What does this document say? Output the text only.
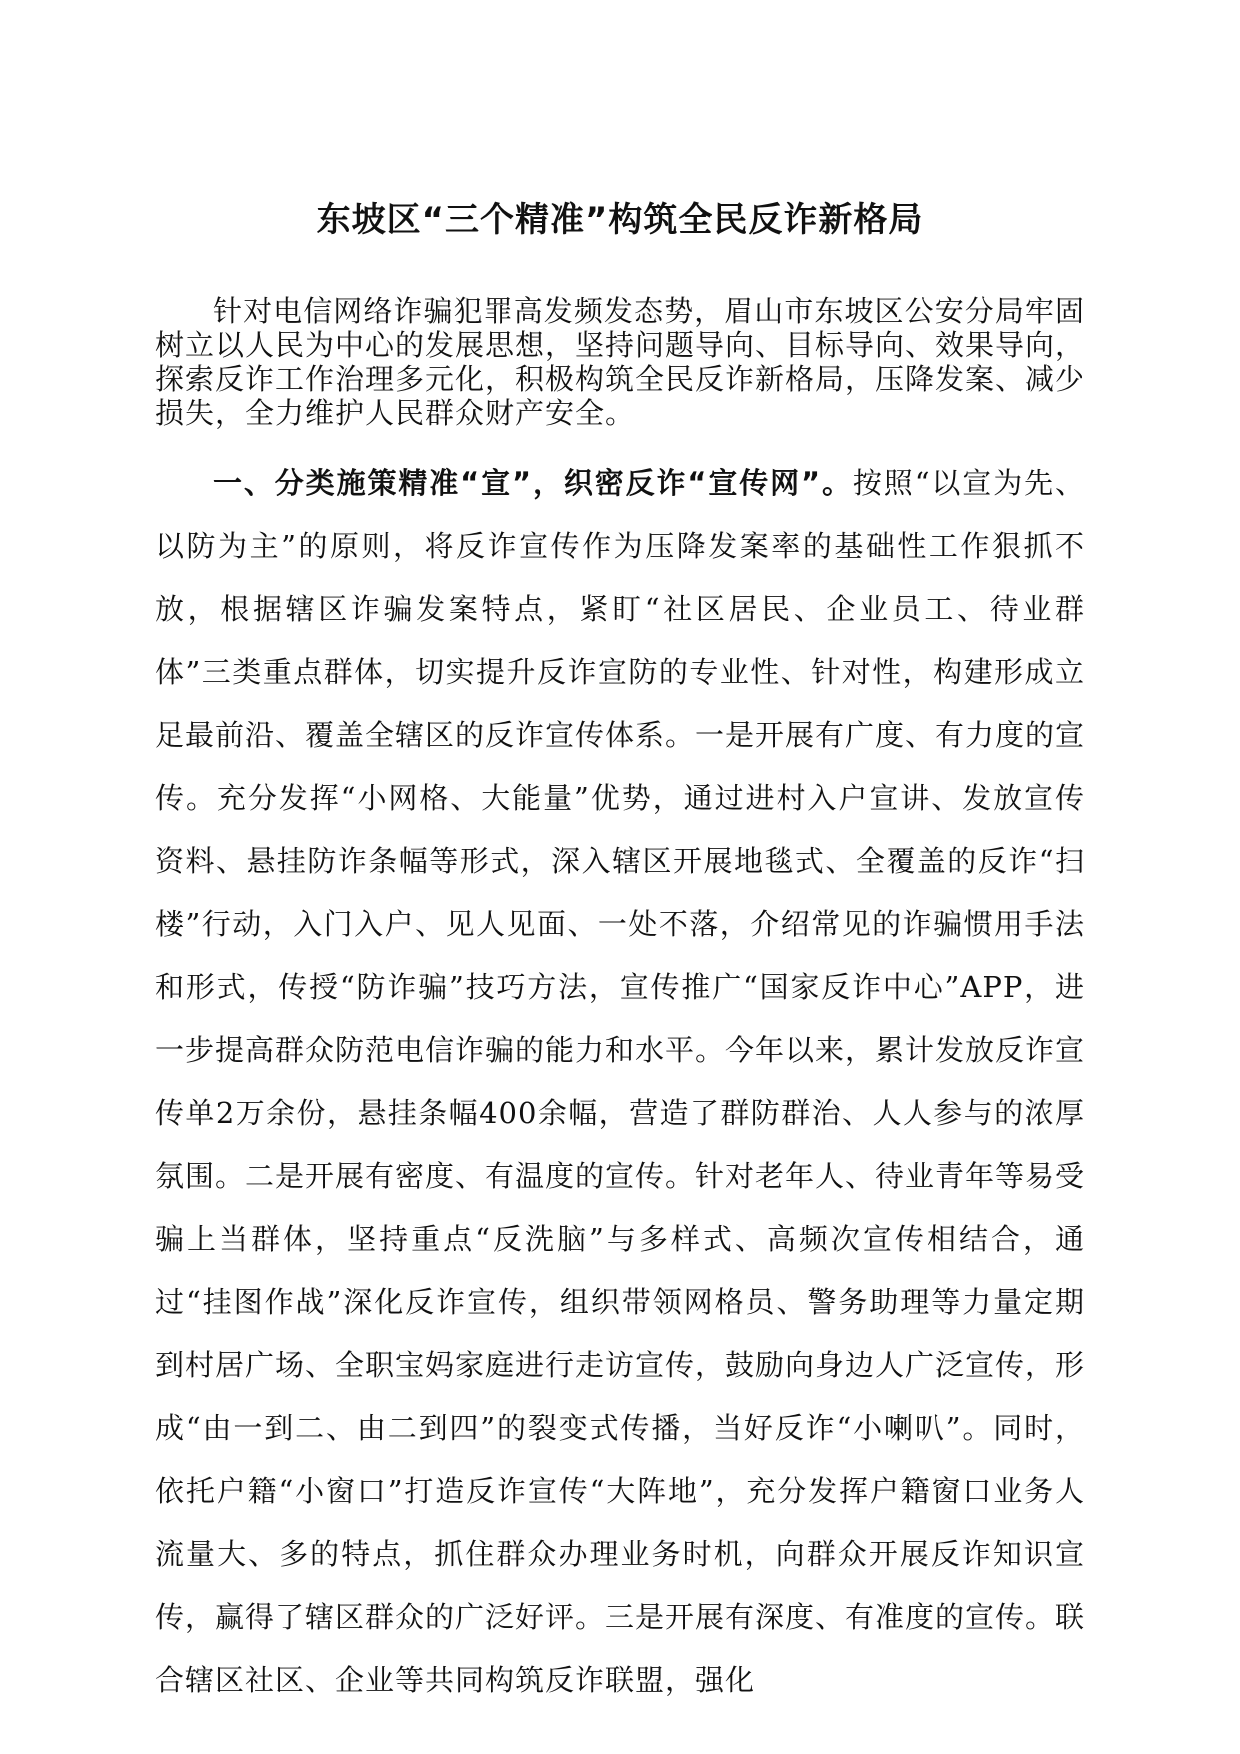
东坡区“三个精准”构筑全民反诈新格局

针对电信网络诈骗犯罪高发频发态势，眉山市东坡区公安分局牢固树立以人民为中心的发展思想，坚持问题导向、目标导向、效果导向，探索反诈工作治理多元化，积极构筑全民反诈新格局，压降发案、减少损失，全力维护人民群众财产安全。

一、分类施策精准“宣”，织密反诈“宣传网”。按照“以宣为先、以防为主”的原则，将反诈宣传作为压降发案率的基础性工作狠抓不放，根据辖区诈骗发案特点，紧盯“社区居民、企业员工、待业群体”三类重点群体，切实提升反诈宣防的专业性、针对性，构建形成立足最前沿、覆盖全辖区的反诈宣传体系。一是开展有广度、有力度的宣传。充分发挥“小网格、大能量”优势，通过进村入户宣讲、发放宣传资料、悬挂防诈条幅等形式，深入辖区开展地毯式、全覆盖的反诈“扫楼”行动，入门入户、见人见面、一处不落，介绍常见的诈骗惯用手法和形式，传授“防诈骗”技巧方法，宣传推广“国家反诈中心”APP，进一步提高群众防范电信诈骗的能力和水平。今年以来，累计发放反诈宣传单2万余份，悬挂条幅400余幅，营造了群防群治、人人参与的浓厚氛围。二是开展有密度、有温度的宣传。针对老年人、待业青年等易受骗上当群体，坚持重点“反洗脑”与多样式、高频次宣传相结合，通过“挂图作战”深化反诈宣传，组织带领网格员、警务助理等力量定期到村居广场、全职宝妈家庭进行走访宣传，鼓励向身边人广泛宣传，形成“由一到二、由二到四”的裂变式传播，当好反诈“小喇叭”。同时，依托户籍“小窗口”打造反诈宣传“大阵地”，充分发挥户籍窗口业务人流量大、多的特点，抓住群众办理业务时机，向群众开展反诈知识宣传，赢得了辖区群众的广泛好评。三是开展有深度、有准度的宣传。联合辖区社区、企业等共同构筑反诈联盟，强化
